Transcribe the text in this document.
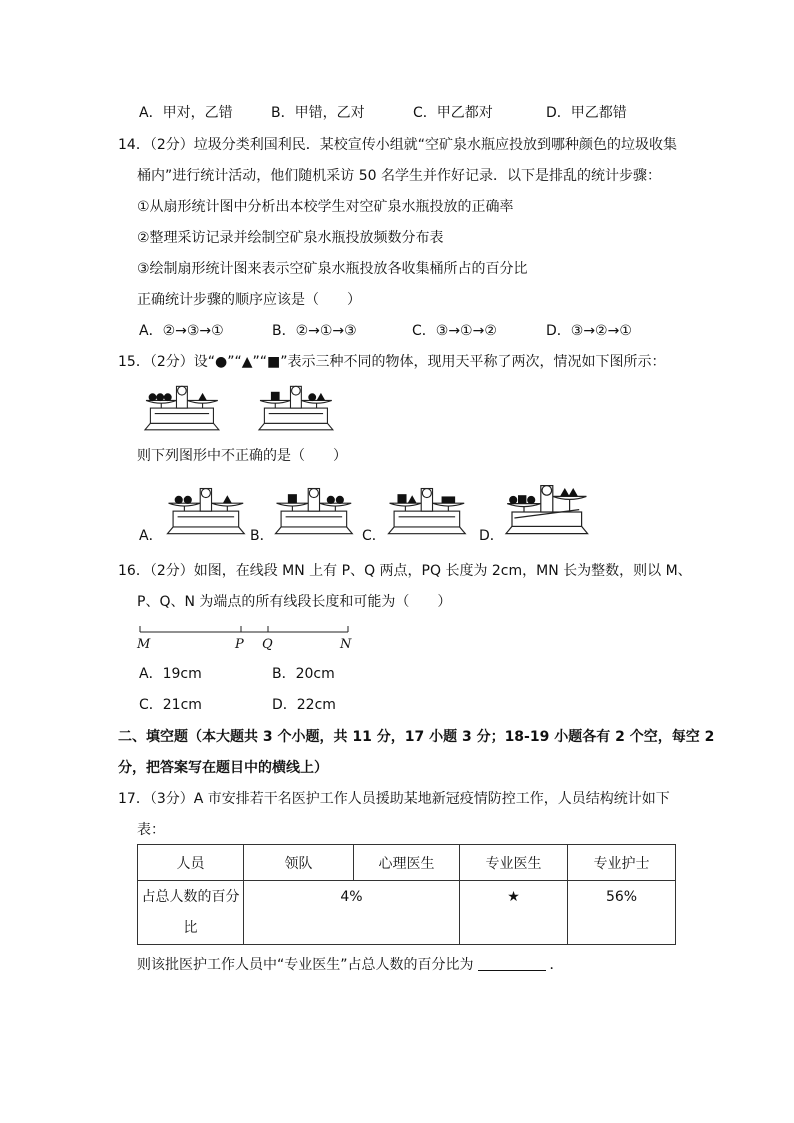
A．甲对，乙错	B．甲错，乙对	C．甲乙都对	D．甲乙都错
14．（2分）垃圾分类利国利民．某校宣传小组就“空矿泉水瓶应投放到哪种颜色的垃圾收集
桶内”进行统计活动，他们随机采访 50 名学生并作好记录．以下是排乱的统计步骤：
①从扇形统计图中分析出本校学生对空矿泉水瓶投放的正确率
②整理采访记录并绘制空矿泉水瓶投放频数分布表
③绘制扇形统计图来表示空矿泉水瓶投放各收集桶所占的百分比
正确统计步骤的顺序应该是（　　）
A．②→③→①	B．②→①→③	C．③→①→②	D．③→②→①
15．（2分）设“●”“▲”“■”表示三种不同的物体，现用天平称了两次，情况如下图所示：
则下列图形中不正确的是（　　）
A．	B．	C．	D．
16．（2分）如图，在线段 MN 上有 P、Q 两点，PQ 长度为 2cm，MN 长为整数，则以 M、
P、Q、N 为端点的所有线段长度和可能为（　　）
M	P Q	N
A．19cm	B．20cm
C．21cm	D．22cm
二、填空题（本大题共 3 个小题，共 11 分，17 小题 3 分；18-19 小题各有 2 个空，每空 2
分，把答案写在题目中的横线上）
17．（3分）A 市安排若干名医护工作人员援助某地新冠疫情防控工作，人员结构统计如下
表：
人员	领队	心理医生	专业医生	专业护士
占总人数的百分
比	4%		★	56%
则该批医护工作人员中“专业医生”占总人数的百分比为	．
